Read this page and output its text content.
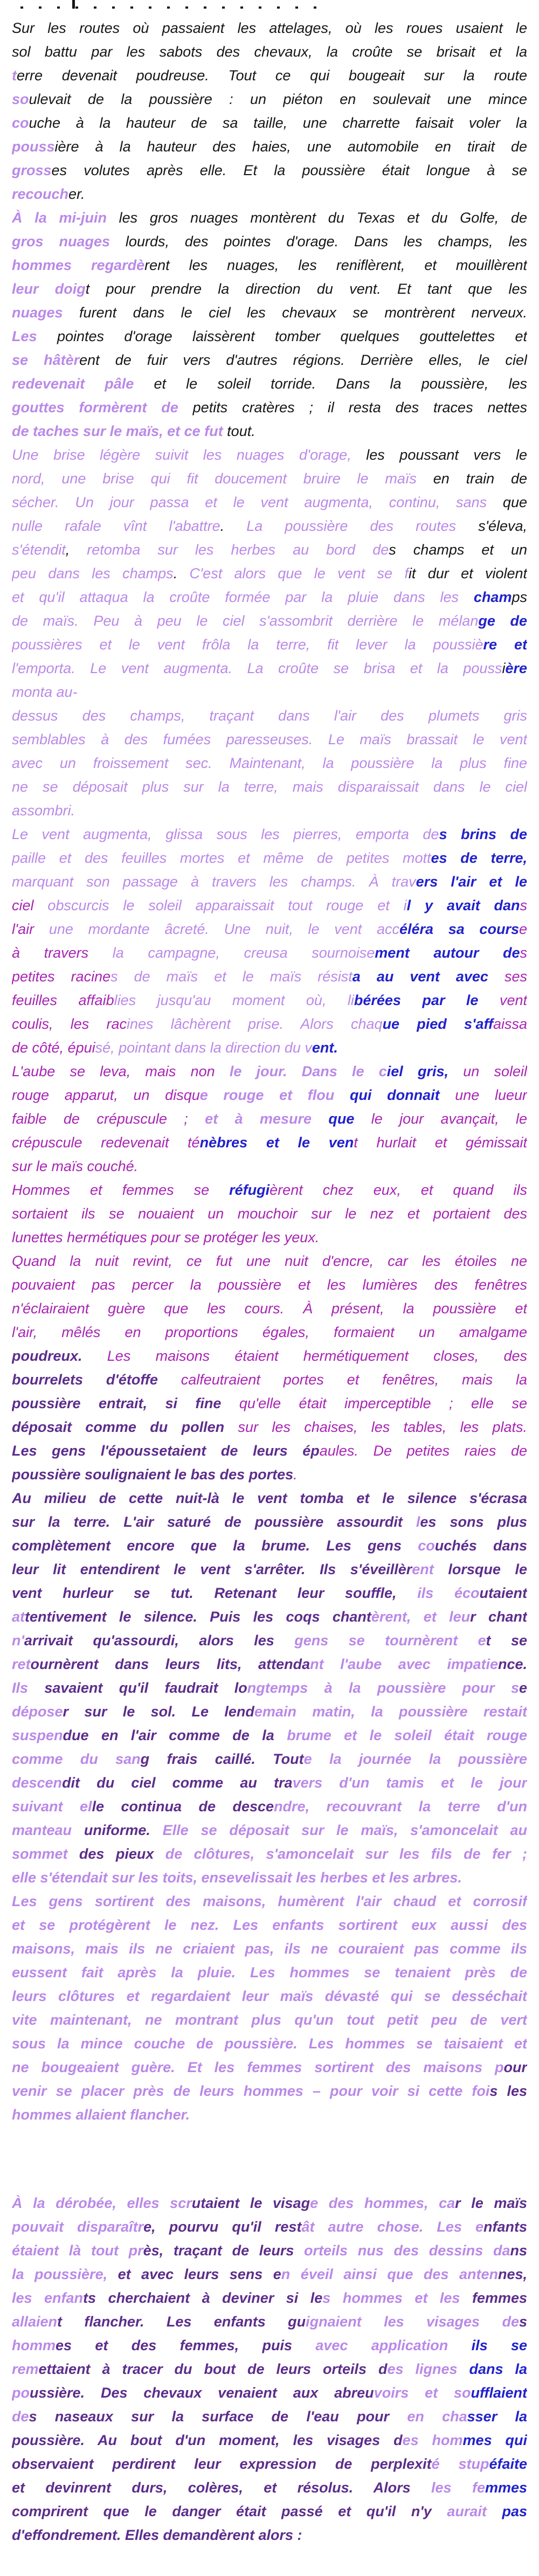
Sur les routes où passaient les attelages, où les roues usaient le
sol battu par les sabots des chevaux, la croûte se brisait et la
terre devenait poudreuse. Tout ce qui bougeait sur la route
soulevait de la poussière : un piéton en soulevait une mince
couche à la hauteur de sa taille, une charrette faisait voler la
poussière à la hauteur des haies, une automobile en tirait de
grosses volutes après elle. Et la poussière était longue à se
recoucher.
À la mi-juin les gros nuages montèrent du Texas et du Golfe, de
gros nuages lourds, des pointes d'orage. Dans les champs, les
hommes regardèrent les nuages, les reniflèrent, et mouillèrent
leur doigt pour prendre la direction du vent. Et tant que les
nuages furent dans le ciel les chevaux se montrèrent nerveux.
Les pointes d'orage laissèrent tomber quelques gouttelettes et
se hâtèrent de fuir vers d'autres régions. Derrière elles, le ciel
redevenait pâle et le soleil torride. Dans la poussière, les
gouttes formèrent de petits cratères ; il resta des traces nettes
de taches sur le maïs, et ce fut tout.
Une brise légère suivit les nuages d'orage, les poussant vers le
nord, une brise qui fit doucement bruire le maïs en train de
sécher. Un jour passa et le vent augmenta, continu, sans que
nulle rafale vînt l'abattre. La poussière des routes s'éleva,
s'étendit, retomba sur les herbes au bord des champs et un
peu dans les champs. C'est alors que le vent se fit dur et violent
et qu'il attaqua la croûte formée par la pluie dans les champs
de maïs. Peu à peu le ciel s'assombrit derrière le mélange de
poussières et le vent frôla la terre, fit lever la poussière et
l'emporta. Le vent augmenta. La croûte se brisa et la poussière
monta au-
dessus des champs, traçant dans l'air des plumets gris
semblables à des fumées paresseuses. Le maïs brassait le vent
avec un froissement sec. Maintenant, la poussière la plus fine
ne se déposait plus sur la terre, mais disparaissait dans le ciel
assombri.
Le vent augmenta, glissa sous les pierres, emporta des brins de
paille et des feuilles mortes et même de petites mottes de terre,
marquant son passage à travers les champs. À travers l'air et le
ciel obscurcis le soleil apparaissait tout rouge et il y avait dans
l'air une mordante âcreté. Une nuit, le vent accéléra sa course
à travers la campagne, creusa sournoisement autour des
petites racines de maïs et le maïs résista au vent avec ses
feuilles affaiblies jusqu'au moment où, libérées par le vent
coulis, les racines lâchèrent prise. Alors chaque pied s'affaissa
de côté, épuisé, pointant dans la direction du vent.
L'aube se leva, mais non le jour. Dans le ciel gris, un soleil
rouge apparut, un disque rouge et flou qui donnait une lueur
faible de crépuscule ; et à mesure que le jour avançait, le
crépuscule redevenait ténèbres et le vent hurlait et gémissait
sur le maïs couché.
Hommes et femmes se réfugièrent chez eux, et quand ils
sortaient ils se nouaient un mouchoir sur le nez et portaient des
lunettes hermétiques pour se protéger les yeux.
Quand la nuit revint, ce fut une nuit d'encre, car les étoiles ne
pouvaient pas percer la poussière et les lumières des fenêtres
n'éclairaient guère que les cours. À présent, la poussière et
l'air, mêlés en proportions égales, formaient un amalgame
poudreux. Les maisons étaient hermétiquement closes, des
bourrelets d'étoffe calfeutraient portes et fenêtres, mais la
poussière entrait, si fine qu'elle était imperceptible ; elle se
déposait comme du pollen sur les chaises, les tables, les plats.
Les gens l'époussetaient de leurs épaules. De petites raies de
poussière soulignaient le bas des portes.
Au milieu de cette nuit-là le vent tomba et le silence s'écrasa
sur la terre. L'air saturé de poussière assourdit les sons plus
complètement encore que la brume. Les gens couchés dans
leur lit entendirent le vent s'arrêter. Ils s'éveillèrent lorsque le
vent hurleur se tut. Retenant leur souffle, ils écoutaient
attentivement le silence. Puis les coqs chantèrent, et leur chant
n'arrivait qu'assourdi, alors les gens se tournèrent et se
retournèrent dans leurs lits, attendant l'aube avec impatience.
Ils savaient qu'il faudrait longtemps à la poussière pour se
déposer sur le sol. Le lendemain matin, la poussière restait
suspendue en l'air comme de la brume et le soleil était rouge
comme du sang frais caillé. Toute la journée la poussière
descendit du ciel comme au travers d'un tamis et le jour
suivant elle continua de descendre, recouvrant la terre d'un
manteau uniforme. Elle se déposait sur le maïs, s'amoncelait au
sommet des pieux de clôtures, s'amoncelait sur les fils de fer ;
elle s'étendait sur les toits, ensevelissait les herbes et les arbres.
Les gens sortirent des maisons, humèrent l'air chaud et corrosif
et se protégèrent le nez. Les enfants sortirent eux aussi des
maisons, mais ils ne criaient pas, ils ne couraient pas comme ils
eussent fait après la pluie. Les hommes se tenaient près de
leurs clôtures et regardaient leur maïs dévasté qui se desséchait
vite maintenant, ne montrant plus qu'un tout petit peu de vert
sous la mince couche de poussière. Les hommes se taisaient et
ne bougeaient guère. Et les femmes sortirent des maisons pour
venir se placer près de leurs hommes – pour voir si cette fois les
hommes allaient flancher.
À la dérobée, elles scrutaient le visage des hommes, car le maïs
pouvait disparaître, pourvu qu'il restât autre chose. Les enfants
étaient là tout près, traçant de leurs orteils nus des dessins dans
la poussière, et avec leurs sens en éveil ainsi que des antennes,
les enfants cherchaient à deviner si les hommes et les femmes
allaient flancher. Les enfants guignaient les visages des
hommes et des femmes, puis avec application ils se
remettaient à tracer du bout de leurs orteils des lignes dans la
poussière. Des chevaux venaient aux abreuvoirs et soufflaient
des naseaux sur la surface de l'eau pour en chasser la
poussière. Au bout d'un moment, les visages des hommes qui
observaient perdirent leur expression de perplexité stupéfaite
et devinrent durs, colères, et résolus. Alors les femmes
comprirent que le danger était passé et qu'il n'y aurait pas
d'effondrement. Elles demandèrent alors :
